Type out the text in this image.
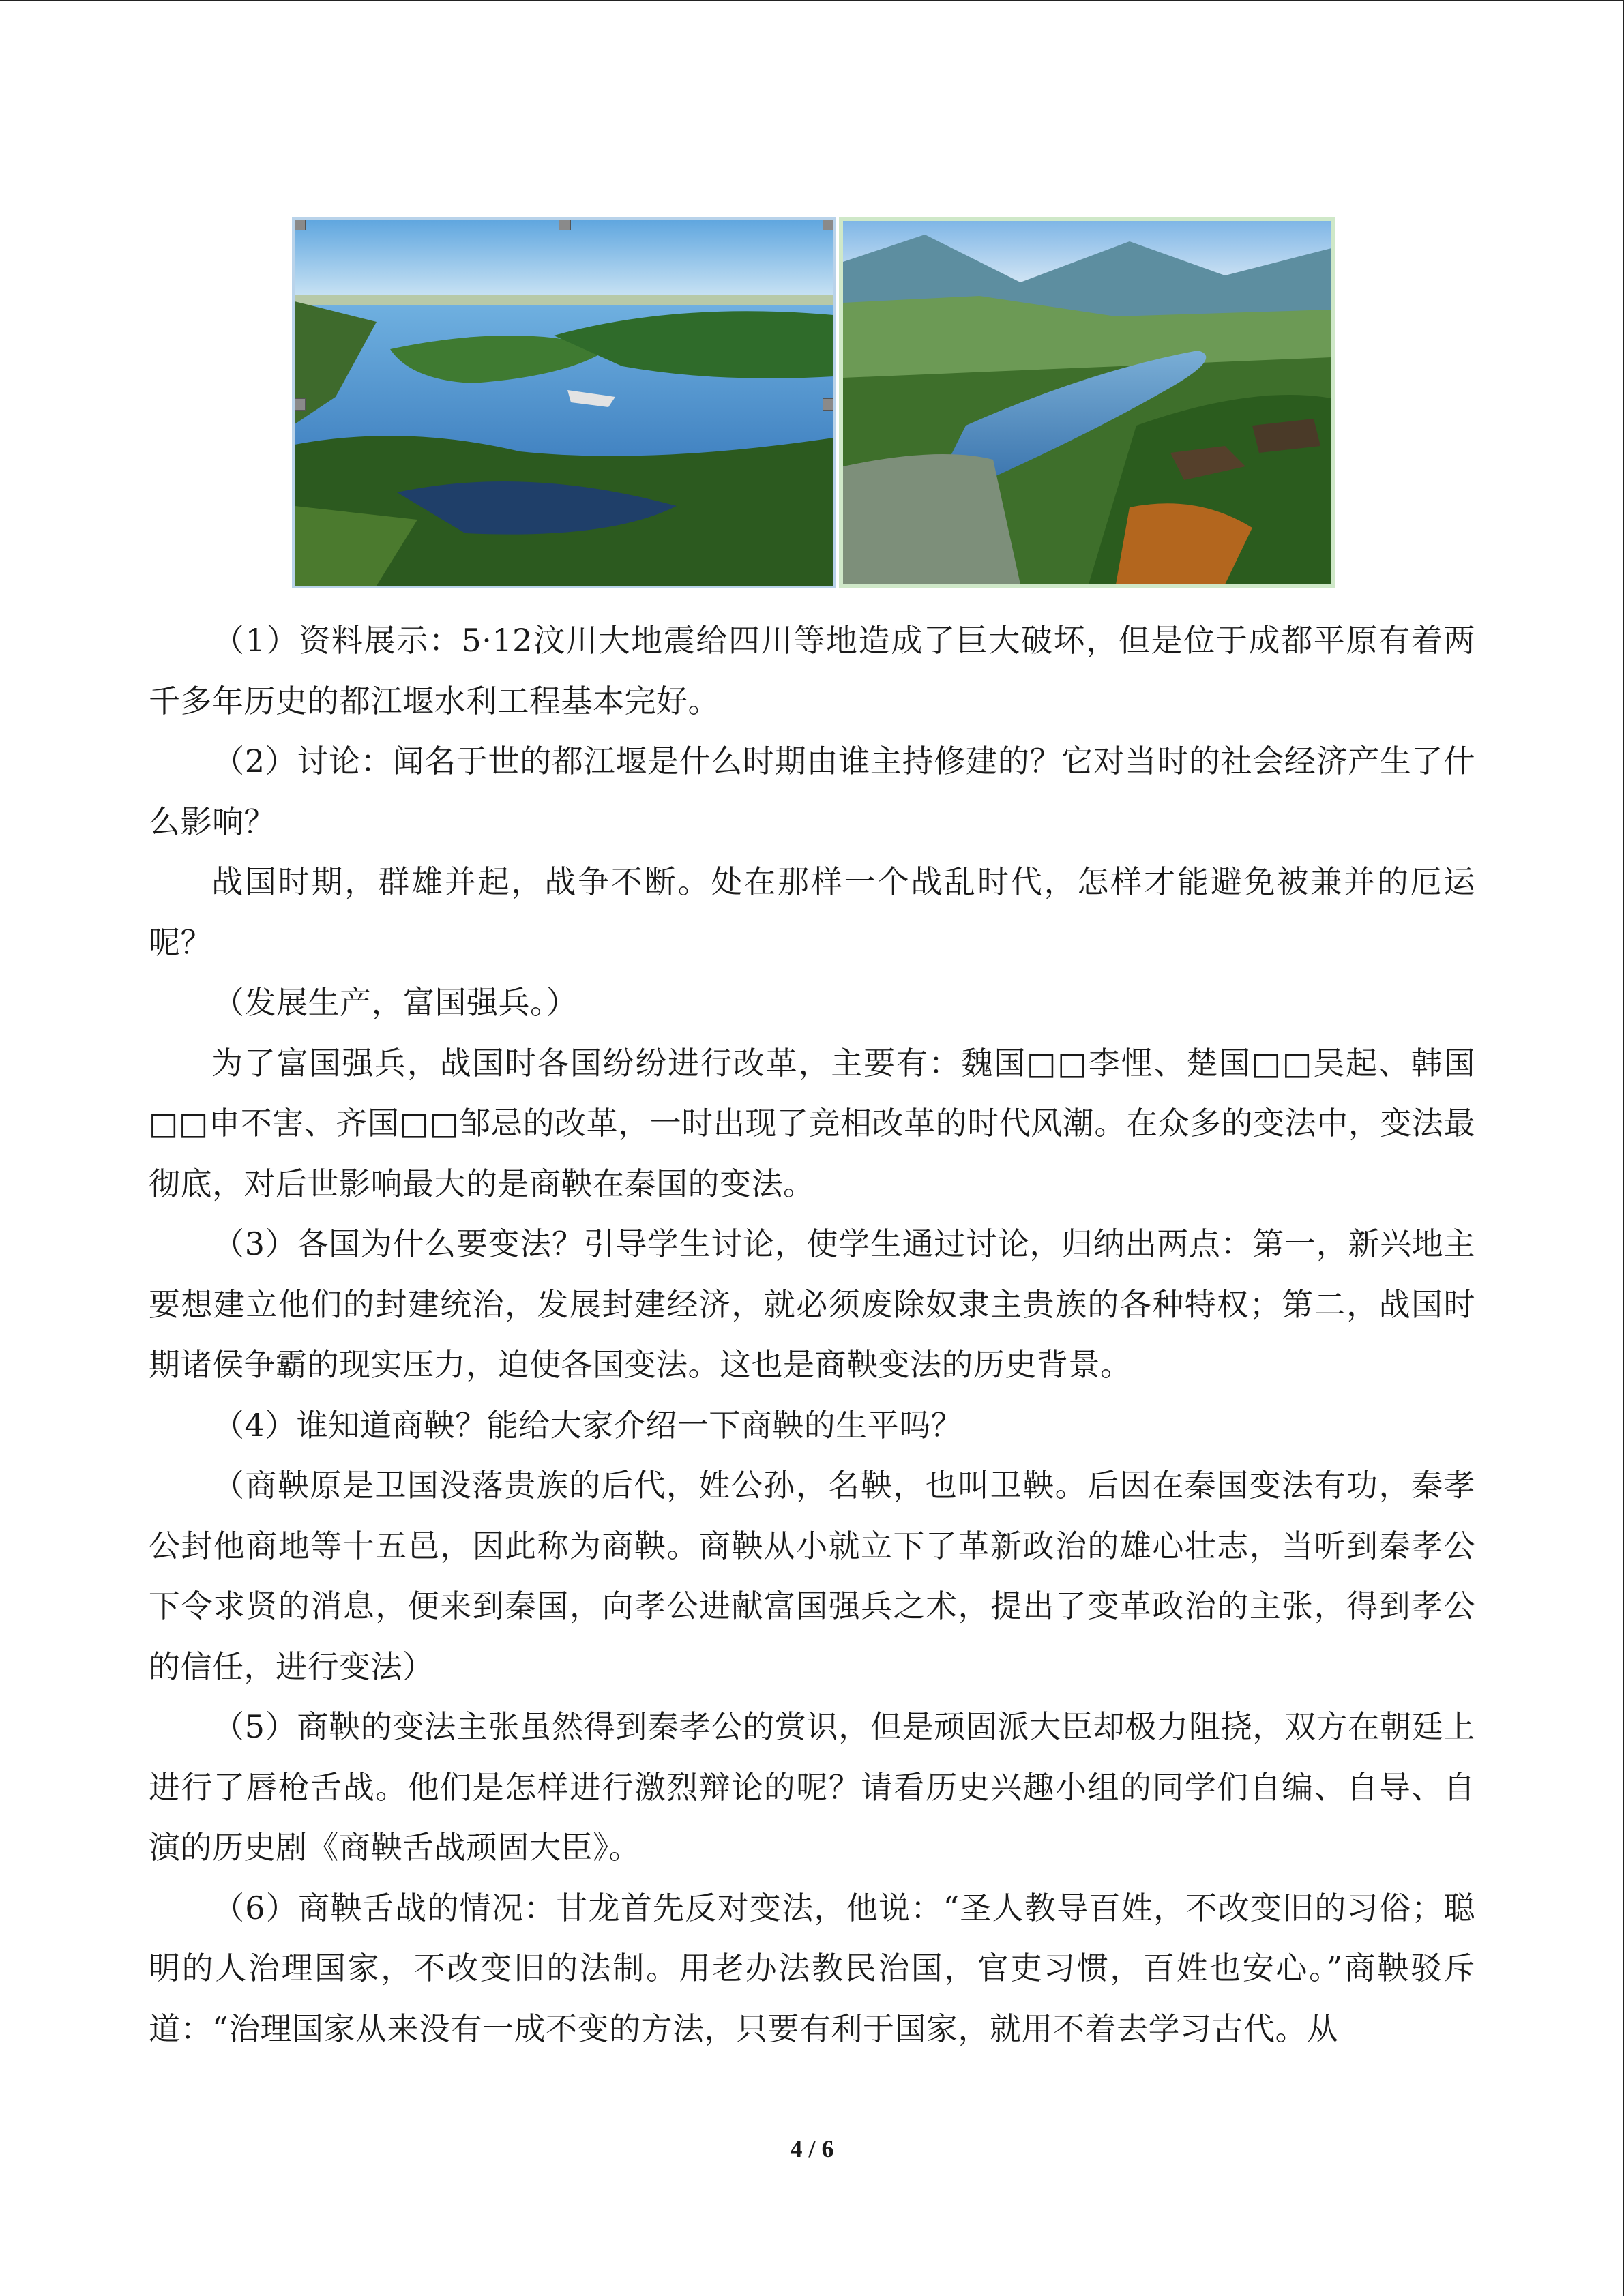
（1）资料展示：5·12汶川大地震给四川等地造成了巨大破坏，但是位于成都平原有着两千多年历史的都江堰水利工程基本完好。

（2）讨论：闻名于世的都江堰是什么时期由谁主持修建的？它对当时的社会经济产生了什么影响？

战国时期，群雄并起，战争不断。处在那样一个战乱时代，怎样才能避免被兼并的厄运呢？

（发展生产，富国强兵。）

为了富国强兵，战国时各国纷纷进行改革，主要有：魏国□□李悝、楚国□□吴起、韩国□□申不害、齐国□□邹忌的改革，一时出现了竞相改革的时代风潮。在众多的变法中，变法最彻底，对后世影响最大的是商鞅在秦国的变法。

（3）各国为什么要变法？引导学生讨论，使学生通过讨论，归纳出两点：第一，新兴地主要想建立他们的封建统治，发展封建经济，就必须废除奴隶主贵族的各种特权；第二，战国时期诸侯争霸的现实压力，迫使各国变法。这也是商鞅变法的历史背景。

（4）谁知道商鞅？能给大家介绍一下商鞅的生平吗？

（商鞅原是卫国没落贵族的后代，姓公孙，名鞅，也叫卫鞅。后因在秦国变法有功，秦孝公封他商地等十五邑，因此称为商鞅。商鞅从小就立下了革新政治的雄心壮志，当听到秦孝公下令求贤的消息，便来到秦国，向孝公进献富国强兵之术，提出了变革政治的主张，得到孝公的信任，进行变法）

（5）商鞅的变法主张虽然得到秦孝公的赏识，但是顽固派大臣却极力阻挠，双方在朝廷上进行了唇枪舌战。他们是怎样进行激烈辩论的呢？请看历史兴趣小组的同学们自编、自导、自演的历史剧《商鞅舌战顽固大臣》。

（6）商鞅舌战的情况：甘龙首先反对变法，他说：“圣人教导百姓，不改变旧的习俗；聪明的人治理国家，不改变旧的法制。用老办法教民治国，官吏习惯，百姓也安心。”商鞅驳斥道：“治理国家从来没有一成不变的方法，只要有利于国家，就用不着去学习古代。从

4 / 6
